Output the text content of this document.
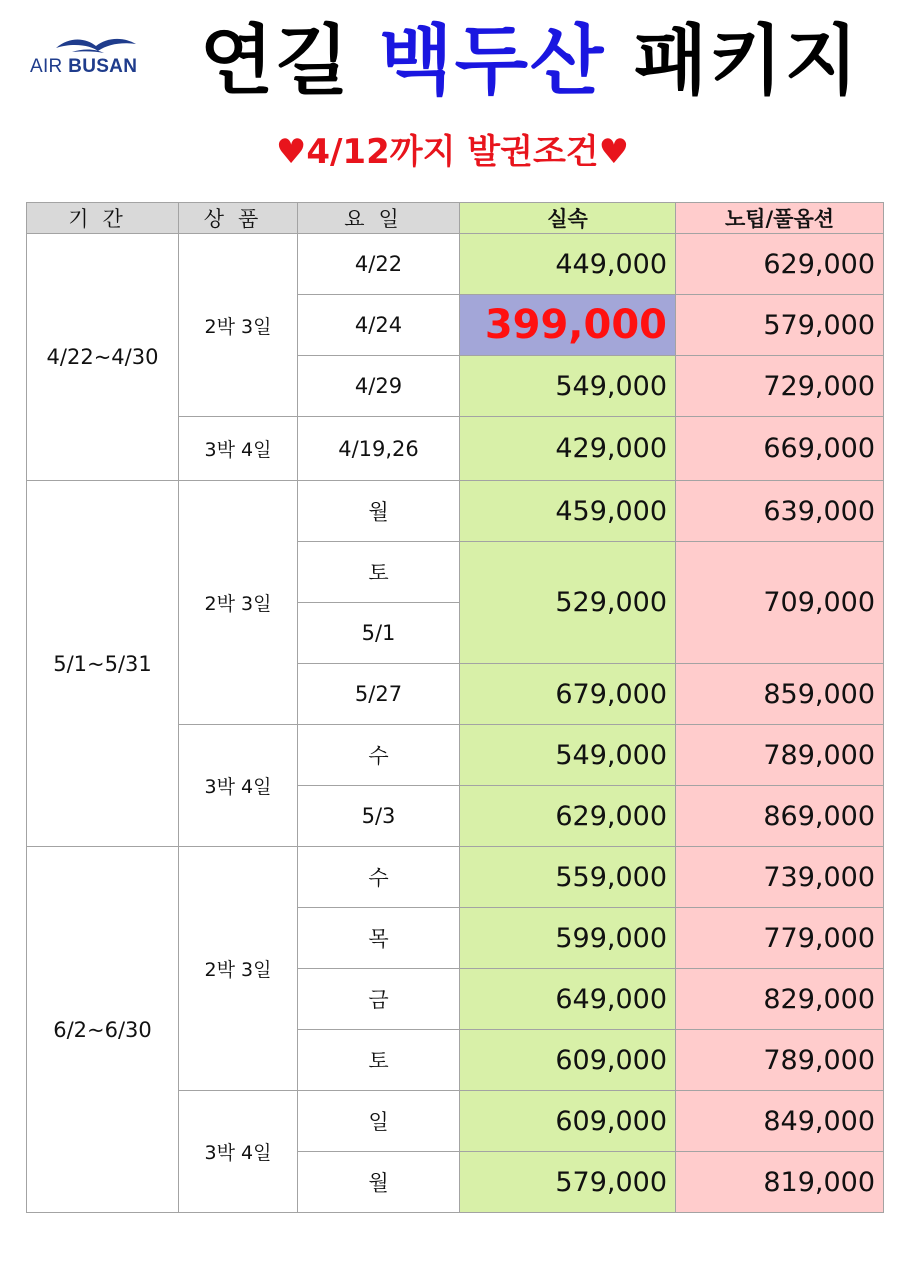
AIR BUSAN 연길 백두산 패키지
♥4/12까지 발권조건♥
기간	상품	요일	실속	노팁/풀옵션
4/22~4/30	2박 3일	4/22	449,000	629,000
		4/24	399,000	579,000
		4/29	549,000	729,000
	3박 4일	4/19,26	429,000	669,000
5/1~5/31	2박 3일	월	459,000	639,000
		토	529,000	709,000
		5/1		
		5/27	679,000	859,000
	3박 4일	수	549,000	789,000
		5/3	629,000	869,000
6/2~6/30	2박 3일	수	559,000	739,000
		목	599,000	779,000
		금	649,000	829,000
		토	609,000	789,000
	3박 4일	일	609,000	849,000
		월	579,000	819,000
